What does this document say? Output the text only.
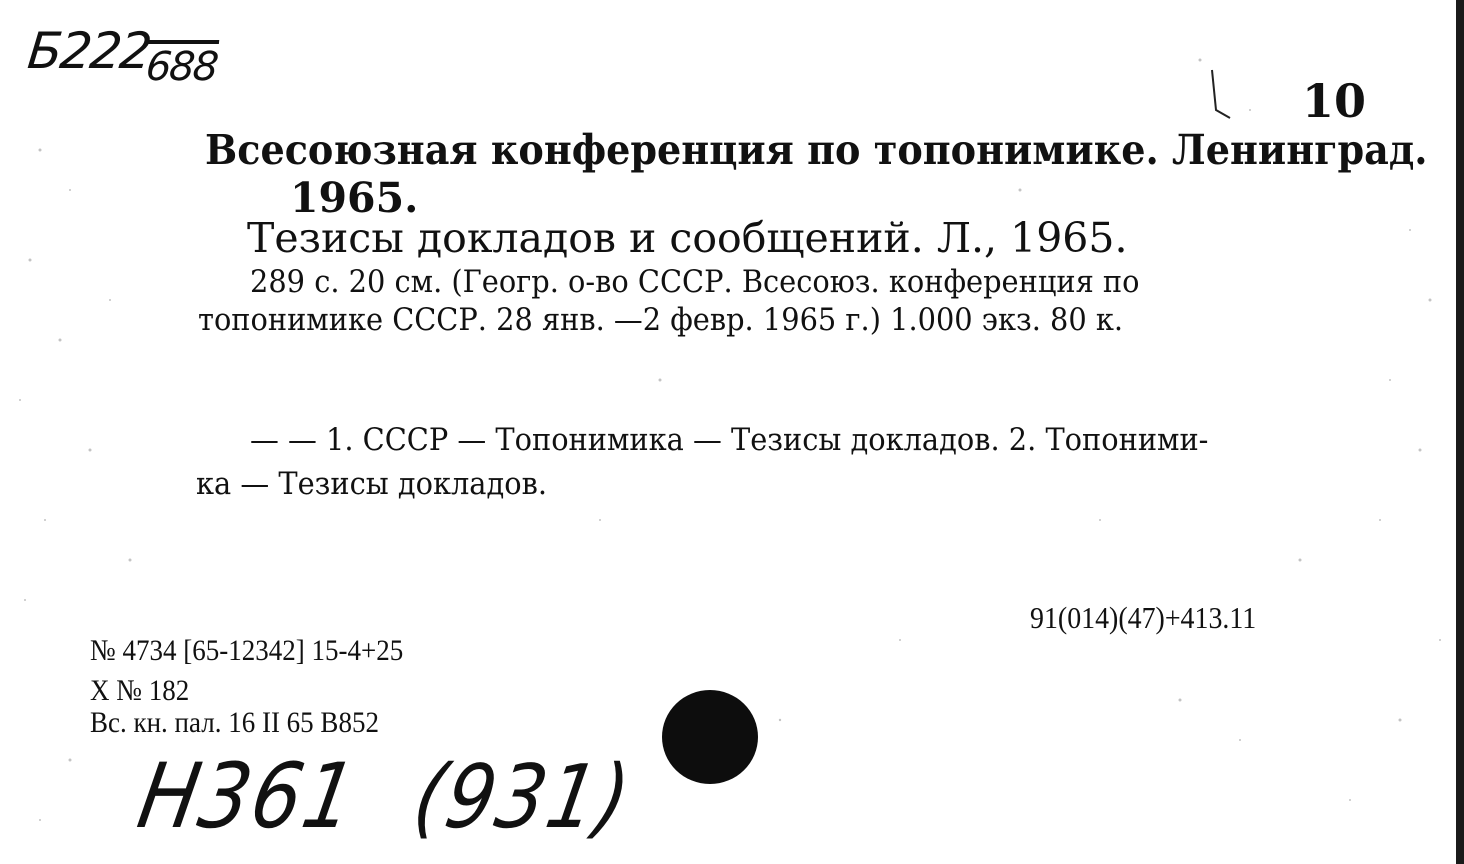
$Б222_{688}$
10
Всесоюзная конференция по топонимике. Ленинград.
1965.
Тезисы докладов и сообщений. Л., 1965.
289 с. 20 см. (Геогр. о-во СССР. Всесоюз. конференция по
топонимике СССР. 28 янв. —2 февр. 1965 г.) 1.000 экз. 80 к.
— — 1. СССР — Топонимика — Тезисы докладов. 2. Топоними-
ка — Тезисы докладов.
91(014)(47)+413.11
№ 4734 [65-12342] 15-4+25
X № 182
Вс. кн. пал. 16 II 65 В852
Н361 (931)
